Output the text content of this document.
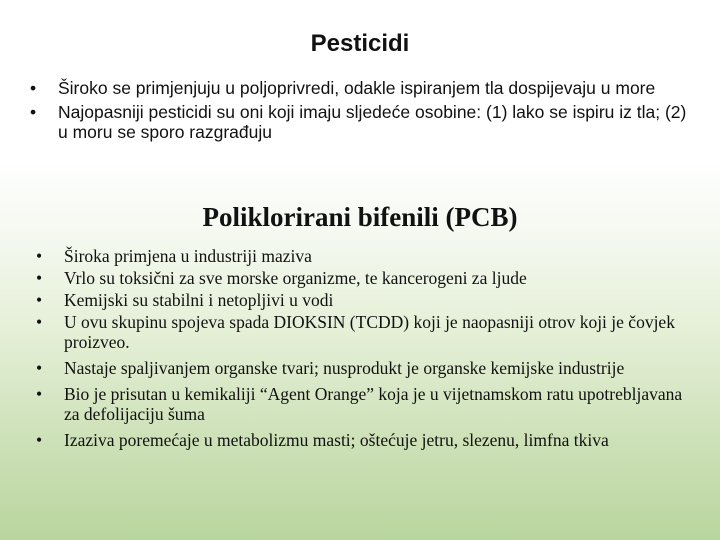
Pesticidi
•	Široko se primjenjuju u poljoprivredi, odakle ispiranjem tla dospijevaju u more
•	Najopasniji pesticidi su oni koji imaju sljedeće osobine: (1) lako se ispiru iz tla; (2) u moru se sporo razgrađuju
Poliklorirani bifenili (PCB)
•	Široka primjena u industriji maziva
•	Vrlo su toksični za sve morske organizme, te kancerogeni za ljude
•	Kemijski su stabilni i netopljivi u vodi
•	U ovu skupinu spojeva spada DIOKSIN (TCDD) koji je naopasniji otrov koji je čovjek proizveo.
•	Nastaje spaljivanjem organske tvari; nusprodukt je organske kemijske industrije
•	Bio je prisutan u kemikaliji “Agent Orange” koja je u vijetnamskom ratu upotrebljavana za defolijaciju šuma
•	Izaziva poremećaje u metabolizmu masti; oštećuje jetru, slezenu, limfna tkiva
